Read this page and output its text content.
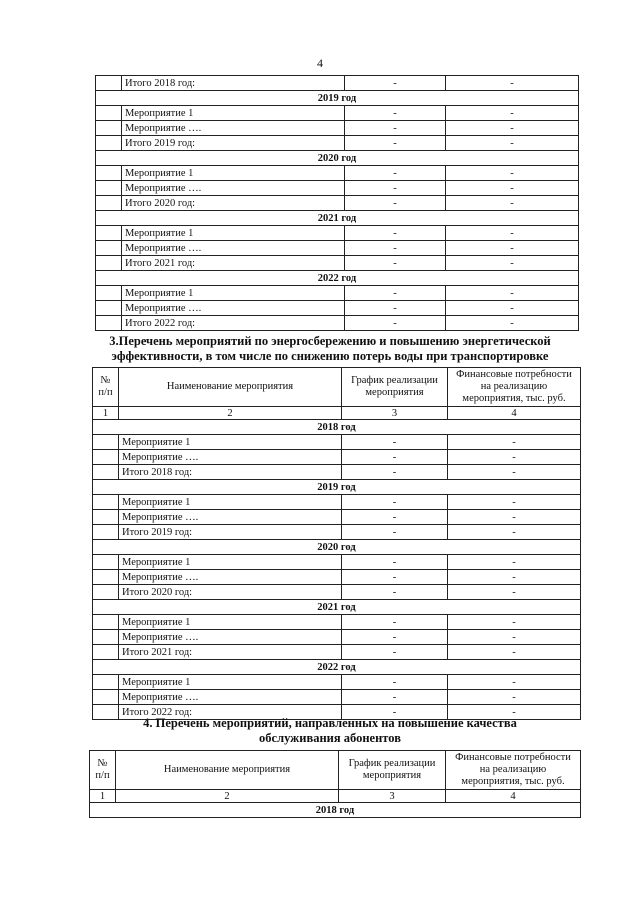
4
	Итого 2018 год:	-	-
2019 год			
	Мероприятие 1	-	-
	Мероприятие ….	-	-
	Итого 2019 год:	-	-
2020 год			
	Мероприятие 1	-	-
	Мероприятие ….	-	-
	Итого 2020 год:	-	-
2021 год			
	Мероприятие 1	-	-
	Мероприятие ….	-	-
	Итого 2021 год:	-	-
2022 год			
	Мероприятие 1	-	-
	Мероприятие ….	-	-
	Итого 2022 год:	-	-
3.Перечень мероприятий по энергосбережению и повышению энергетической
эффективности, в том числе по снижению потерь воды при транспортировке
№ п/п	Наименование мероприятия	График реализации мероприятия	Финансовые потребности на реализацию мероприятия, тыс. руб.
1	2	3	4
2018 год			
	Мероприятие 1	-	-
	Мероприятие ….	-	-
	Итого 2018 год:	-	-
2019 год			
	Мероприятие 1	-	-
	Мероприятие ….	-	-
	Итого 2019 год:	-	-
2020 год			
	Мероприятие 1	-	-
	Мероприятие ….	-	-
	Итого 2020 год:	-	-
2021 год			
	Мероприятие 1	-	-
	Мероприятие ….	-	-
	Итого 2021 год:	-	-
2022 год			
	Мероприятие 1	-	-
	Мероприятие ….	-	-
	Итого 2022 год:	-	-
4. Перечень мероприятий, направленных на повышение качества
обслуживания абонентов
№ п/п	Наименование мероприятия	График реализации мероприятия	Финансовые потребности на реализацию мероприятия, тыс. руб.
1	2	3	4
2018 год			
